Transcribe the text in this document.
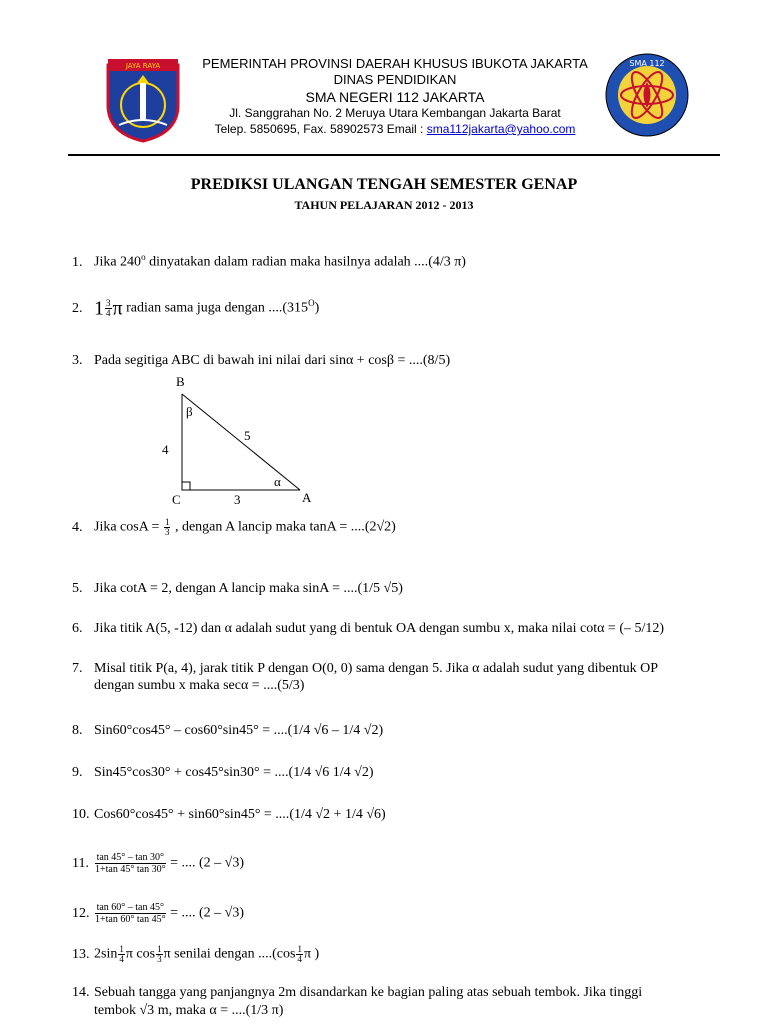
JAYA RAYA	PEMERINTAH PROVINSI DAERAH KHUSUS IBUKOTA JAKARTA
DINAS PENDIDIKAN
SMA NEGERI 112 JAKARTA
Jl. Sanggrahan No. 2 Meruya Utara Kembangan Jakarta Barat
Telep. 5850695, Fax. 58902573 Email : sma112jakarta@yahoo.com
SMA 112
PREDIKSI ULANGAN TENGAH SEMESTER GENAP
TAHUN PELAJARAN 2012 - 2013
1. Jika 240$^o$ dinyatakan dalam radian maka hasilnya adalah ....(4/3 π)
2. $1 \frac{3}{4}$ π radian sama juga dengan $....(315^O)$
3. Pada segitiga ABC di bawah ini nilai dari sinα + cosβ = ....(8/5)
B
C	A
4
5
3
β
α
4. Jika $\cos A = \frac{1}{3}$ , dengan A lancip maka tanA = ....(2√2)
5. Jika cotA = 2, dengan A lancip maka sinA = ....(1/5 √5)
6. Jika titik A(5, -12) dan α adalah sudut yang di bentuk OA dengan sumbu x, maka nilai cotα = (– 5/12)
7. Misal titik P(a, 4), jarak titik P dengan O(0, 0) sama dengan 5. Jika α adalah sudut yang dibentuk OP
dengan sumbu x maka secα = ....(5/3)
8. Sin60°cos45° – cos60°sin45° = ....(1/4 √6 – 1/4 √2)
9. Sin45°cos30° + cos45°sin30° = ....(1/4 √6 1/4 √2)
10. Cos60°cos45° + sin60°sin45° = ....(1/4 √2 + 1/4 √6)
11. $\frac{\tan 45^\circ - \tan 30^\circ}{1+\tan 45^\circ \tan 30^\circ}$ = .... (2 – √3)
12. $\frac{\tan 60^\circ - \tan 45^\circ}{1+\tan 60^\circ \tan 45^\circ}$ = .... (2 – √3)
13. $2\sin \frac{1}{4}$ π $\cos \frac{1}{3}$ π senilai dengan $....(\cos \frac{1}{4}$ π )
14. Sebuah tangga yang panjangnya 2m disandarkan ke bagian paling atas sebuah tembok. Jika tinggi
tembok √3 m, maka α = ....(1/3 π)
